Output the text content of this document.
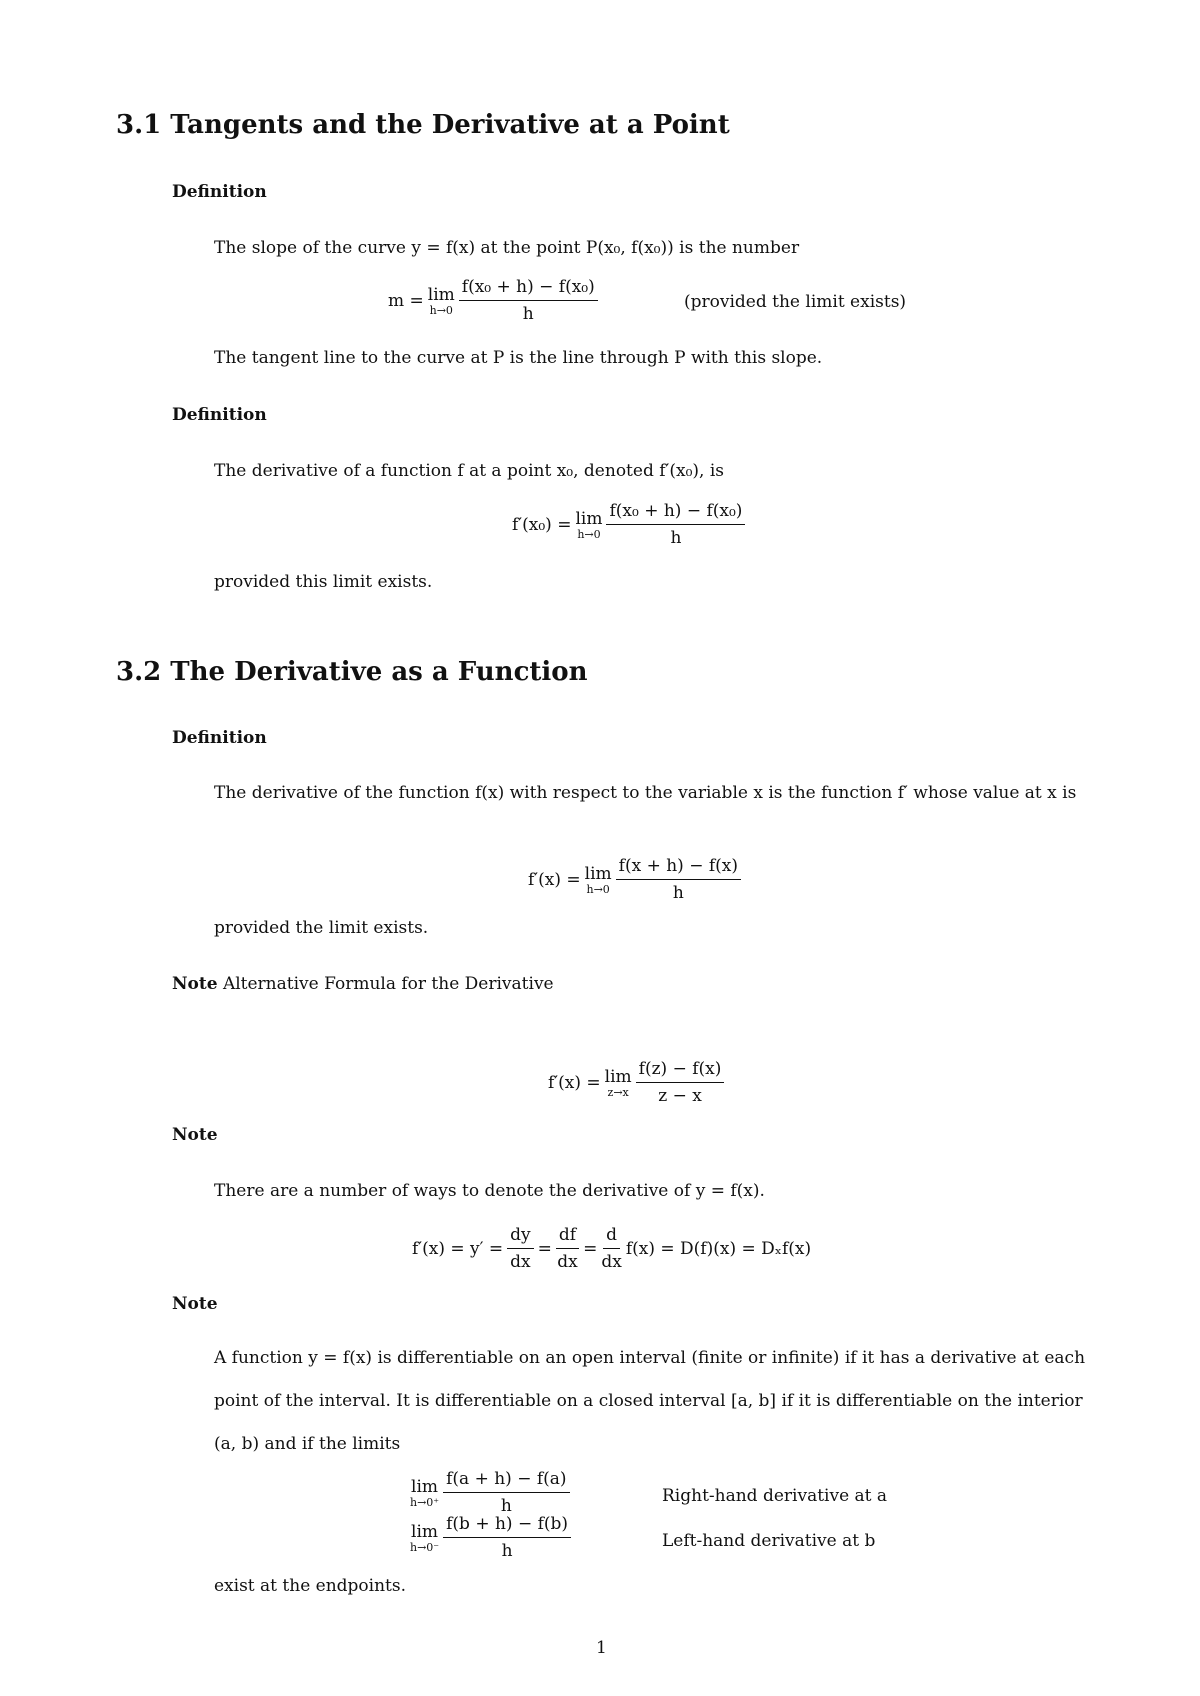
3.1 Tangents and the Derivative at a Point
Definition
The slope of the curve y = f(x) at the point P(x₀, f(x₀)) is the number
m = lim
$h\to 0 \frac{\text{f(x₀ + h) − f(x₀)}}{h}$	(provided the limit exists)
The tangent line to the curve at P is the line through P with this slope.
Definition
The derivative of a function f at a point x₀, denoted f′(x₀), is
f′(x₀) = lim
$h\to 0 \frac{\text{f(x₀ + h) − f(x₀)}}{h}$
provided this limit exists.
3.2 The Derivative as a Function
Definition
The derivative of the function f(x) with respect to the variable x is the function f′ whose value at x is
f′(x) = lim
$h\to 0 \frac{f(x + h) - f(x)}{h}$
provided the limit exists.
Note Alternative Formula for the Derivative
f′(x) = lim
$z\to x \frac{f(z) - f(x)}{z - x}$
Note
There are a number of ways to denote the derivative of y = f(x).
$f'(x) = y' = \frac{dy}{dx} = \frac{df}{dx} = \frac{d}{dx} f(x) = D(f)(x) = D_xf(x)$
Note
A function y = f(x) is differentiable on an open interval (finite or infinite) if it has a derivative at each point of the interval. It is differentiable on a closed interval [a, b] if it is differentiable on the interior (a, b) and if the limits
lim
$h\to 0^+ \frac{f(a + h) - f(a)}{h}$	Right-hand derivative at a
lim
$h\to 0^- \frac{f(b + h) - f(b)}{h}$	Left-hand derivative at b
exist at the endpoints.
1
